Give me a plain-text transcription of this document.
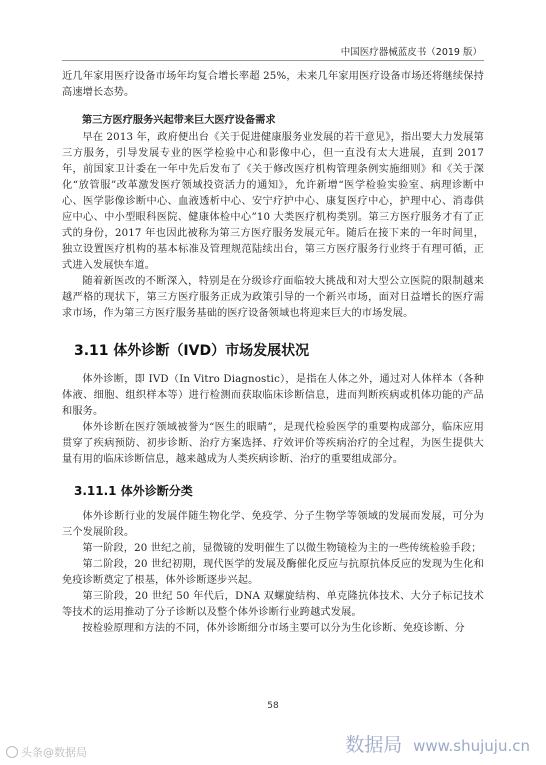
中国医疗器械蓝皮书（2019 版）

近几年家用医疗设备市场年均复合增长率超 25%，未来几年家用医疗设备市场还将继续保持高速增长态势。

第三方医疗服务兴起带来巨大医疗设备需求

早在 2013 年，政府便出台《关于促进健康服务业发展的若干意见》，指出要大力发展第三方服务，引导发展专业的医学检验中心和影像中心，但一直没有太大进展，直到 2017 年，前国家卫计委在一年中先后发布了《关于修改医疗机构管理条例实施细则》和《关于深化“放管服”改革激发医疗领域投资活力的通知》，允许新增“医学检验实验室、病理诊断中心、医学影像诊断中心、血液透析中心、安宁疗护中心、康复医疗中心，护理中心、消毒供应中心、中小型眼科医院、健康体检中心”10 大类医疗机构类别。第三方医疗服务才有了正式的身份，2017 年也因此被称为第三方医疗服务发展元年。随后在接下来的一年时间里，独立设置医疗机构的基本标准及管理规范陆续出台，第三方医疗服务行业终于有理可循，正式进入发展快车道。

随着新医改的不断深入，特别是在分级诊疗面临较大挑战和对大型公立医院的限制越来越严格的现状下，第三方医疗服务正成为政策引导的一个新兴市场，面对日益增长的医疗需求市场，作为第三方医疗服务基础的医疗设备领域也将迎来巨大的市场发展。

3.11 体外诊断（IVD）市场发展状况

体外诊断，即 IVD（In Vitro Diagnostic），是指在人体之外，通过对人体样本（各种体液、细胞、组织样本等）进行检测而获取临床诊断信息，进而判断疾病或机体功能的产品和服务。

体外诊断在医疗领域被誉为“医生的眼睛”，是现代检验医学的重要构成部分，临床应用贯穿了疾病预防、初步诊断、治疗方案选择、疗效评价等疾病治疗的全过程，为医生提供大量有用的临床诊断信息，越来越成为人类疾病诊断、治疗的重要组成部分。

3.11.1 体外诊断分类

体外诊断行业的发展伴随生物化学、免疫学、分子生物学等领域的发展而发展，可分为三个发展阶段。

第一阶段，20 世纪之前，显微镜的发明催生了以微生物镜检为主的一些传统检验手段；

第二阶段，20 世纪初期，现代医学的发展及酶催化反应与抗原抗体反应的发现为生化和免疫诊断奠定了根基，体外诊断逐步兴起。

第三阶段，20 世纪 50 年代后，DNA 双螺旋结构、单克隆抗体技术、大分子标记技术等技术的运用推动了分子诊断以及整个体外诊断行业跨越式发展。

按检验原理和方法的不同，体外诊断细分市场主要可以分为生化诊断、免疫诊断、分

58
头条@数据局	数据局 www.shujuju.cn
